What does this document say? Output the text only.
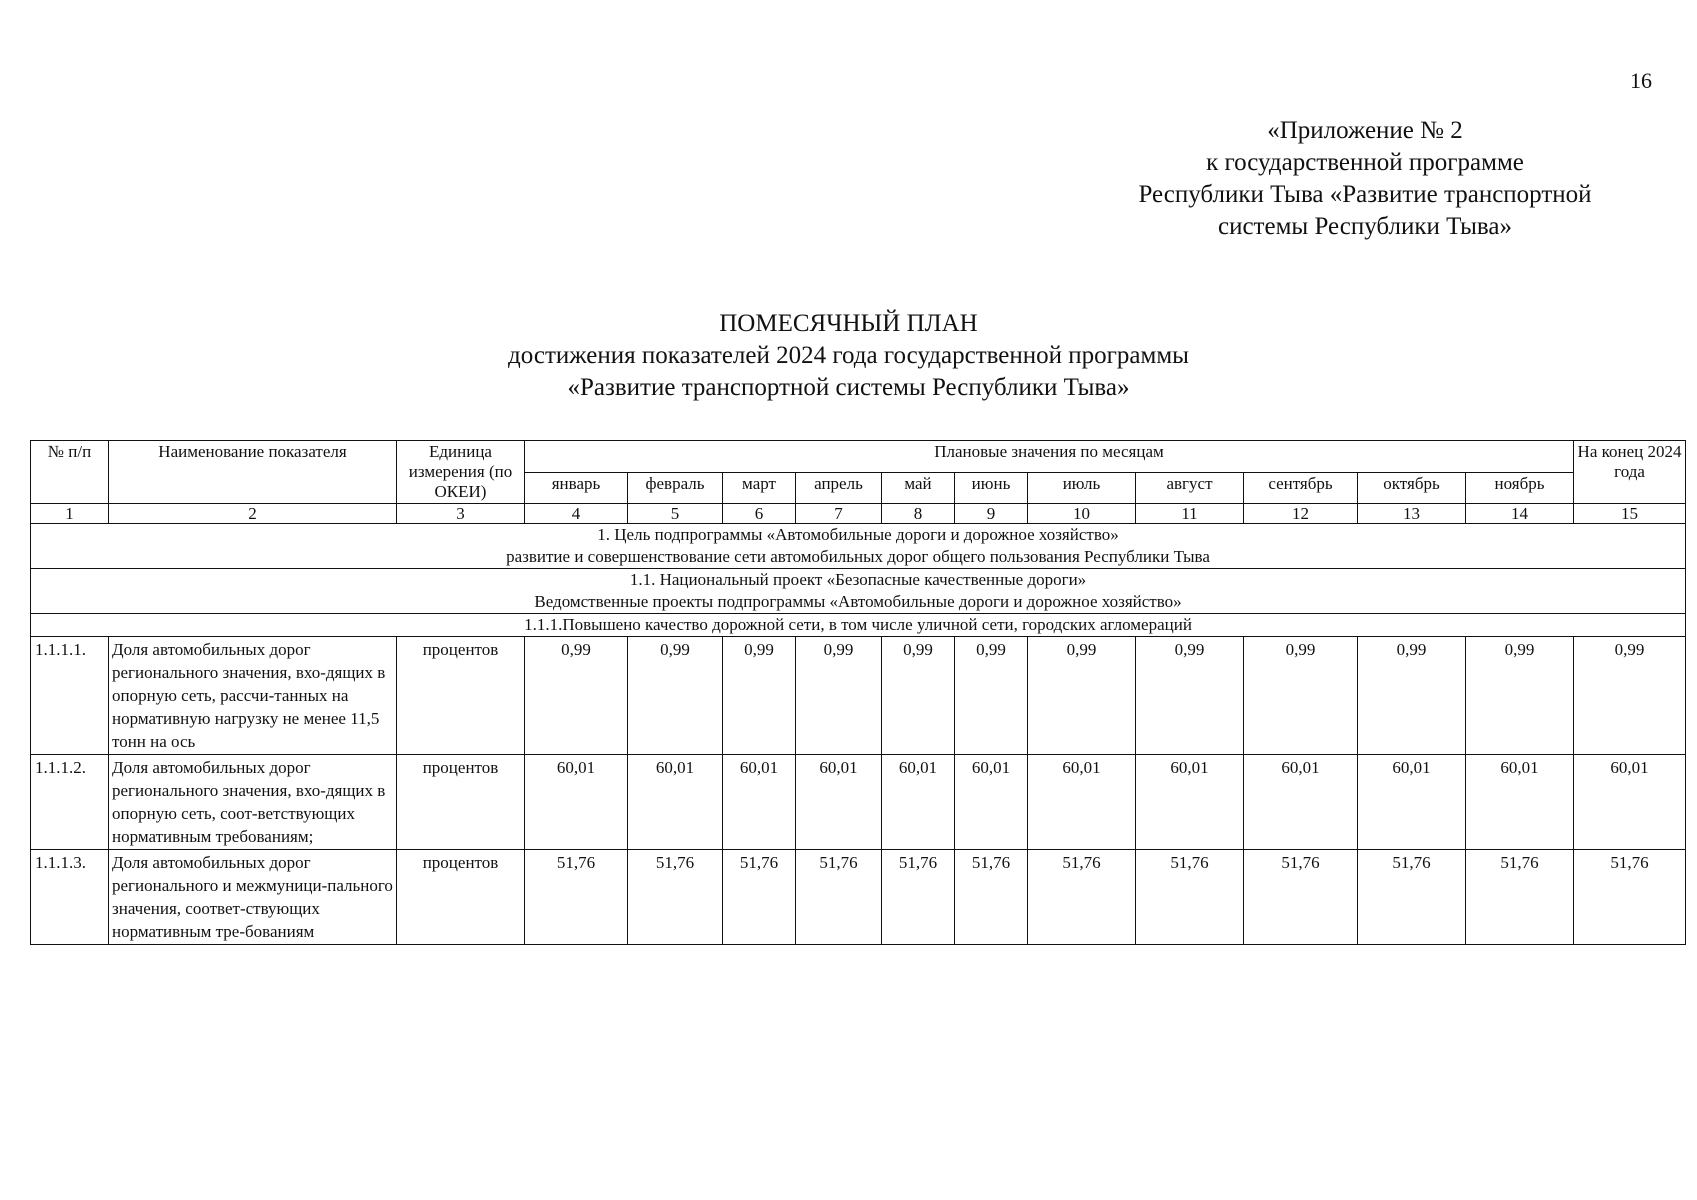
16
«Приложение № 2
к государственной программе
Республики Тыва «Развитие транспортной
системы Республики Тыва»
ПОМЕСЯЧНЫЙ ПЛАН
достижения показателей 2024 года государственной программы
«Развитие транспортной системы Республики Тыва»
№ п/п	Наименование показателя	Единица измерения (по ОКЕИ)	Плановые значения по месяцам											На конец 2024 года
			январь	февраль	март	апрель	май	июнь	июль	август	сентябрь	октябрь	ноябрь	
1	2	3	4	5	6	7	8	9	10	11	12	13	14	15

1. Цель подпрограммы «Автомобильные дороги и дорожное хозяйство»
развитие и совершенствование сети автомобильных дорог общего пользования Республики Тыва														

1.1. Национальный проект «Безопасные качественные дороги»
Ведомственные проекты подпрограммы «Автомобильные дороги и дорожное хозяйство»														

1.1.1.Повышено качество дорожной сети, в том числе уличной сети, городских агломераций														

1.1.1.1.	Доля автомобильных дорог регионального значения, вхо-дящих в опорную сеть, рассчи-танных на нормативную нагрузку не менее 11,5 тонн на ось	процентов	0,99	0,99	0,99	0,99	0,99	0,99	0,99	0,99	0,99	0,99	0,99	0,99
1.1.1.2.	Доля автомобильных дорог регионального значения, вхо-дящих в опорную сеть, соот-ветствующих нормативным требованиям;	процентов	60,01	60,01	60,01	60,01	60,01	60,01	60,01	60,01	60,01	60,01	60,01	60,01
1.1.1.3.	Доля автомобильных дорог регионального и межмуници-пального значения, соответ-ствующих нормативным тре-бованиям	процентов	51,76	51,76	51,76	51,76	51,76	51,76	51,76	51,76	51,76	51,76	51,76	51,76
